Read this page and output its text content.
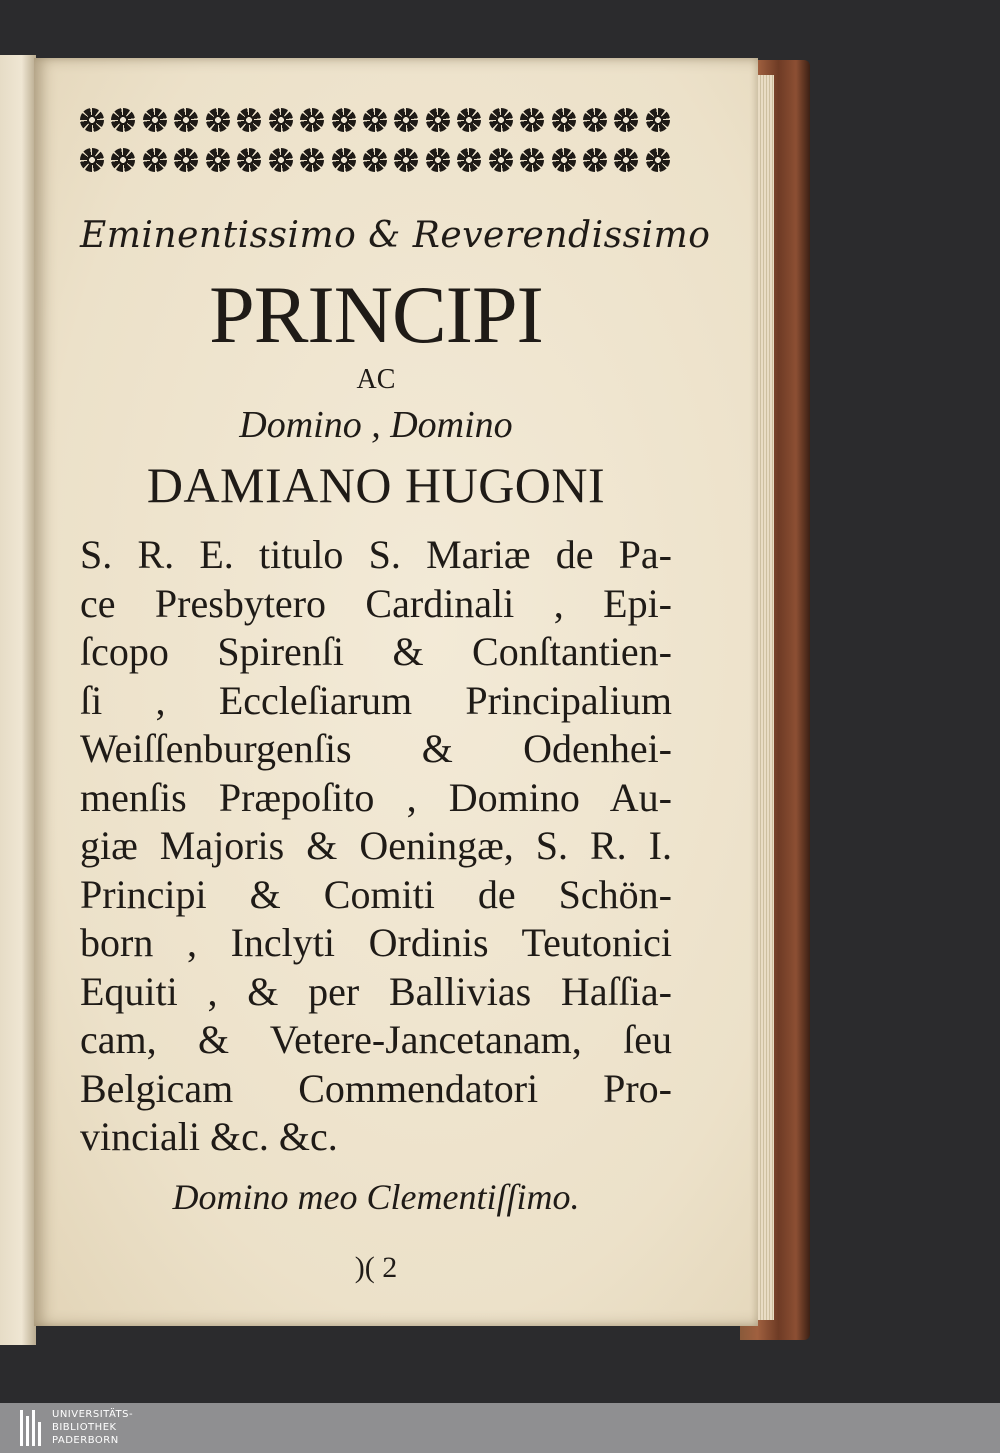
Eminentissimo & Reverendissimo

PRINCIPI

AC

Domino , Domino

DAMIANO HUGONI

S. R. E. titulo S. Mariæ de Pa-

ce Presbytero Cardinali , Epi-

ſcopo Spirenſi & Conſtantien-

ſi , Eccleſiarum Principalium

Weiſſenburgenſis & Odenhei-

menſis Præpoſito , Domino Au-

giæ Majoris & Oeningæ, S. R. I.

Principi & Comiti de Schön-

born , Inclyti Ordinis Teutonici

Equiti , & per Ballivias Haſſia-

cam, & Vetere-Jancetanam, ſeu

Belgicam Commendatori Pro-

vinciali &c. &c.

Domino meo Clementiſſimo.

)( 2

UNIVERSITÄTS-
BIBLIOTHEK
PADERBORN
